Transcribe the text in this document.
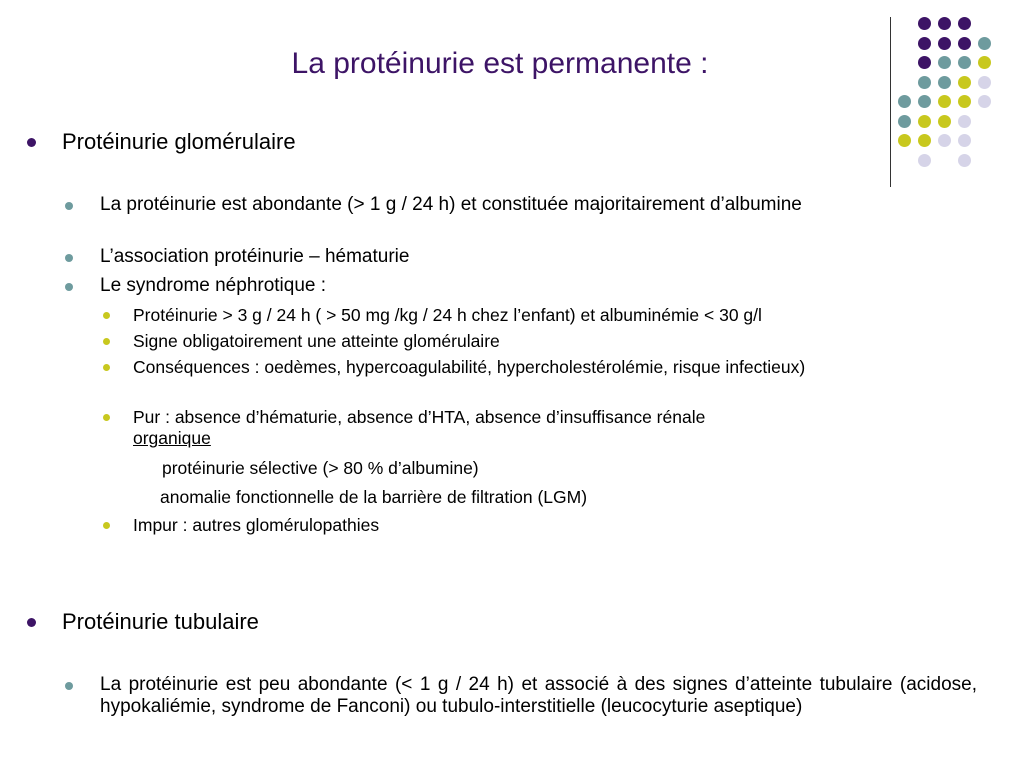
La protéinurie est permanente :

Protéinurie glomérulaire

La protéinurie est abondante (> 1 g / 24 h) et constituée majoritairement d’albumine

L’association protéinurie – hématurie

Le syndrome néphrotique :

Protéinurie > 3 g / 24 h ( > 50 mg /kg / 24 h chez l’enfant) et albuminémie < 30 g/l

Signe obligatoirement une atteinte glomérulaire

Conséquences : oedèmes, hypercoagulabilité, hypercholestérolémie, risque infectieux)

Pur : absence d’hématurie, absence d’HTA, absence d’insuffisance rénale

organique

protéinurie sélective (> 80 % d’albumine)

anomalie fonctionnelle de la barrière de filtration (LGM)

Impur : autres glomérulopathies

Protéinurie tubulaire

La protéinurie est peu abondante (< 1 g / 24 h) et associé à des signes d’atteinte tubulaire (acidose, hypokaliémie, syndrome de Fanconi) ou tubulo-interstitielle (leucocyturie aseptique)
